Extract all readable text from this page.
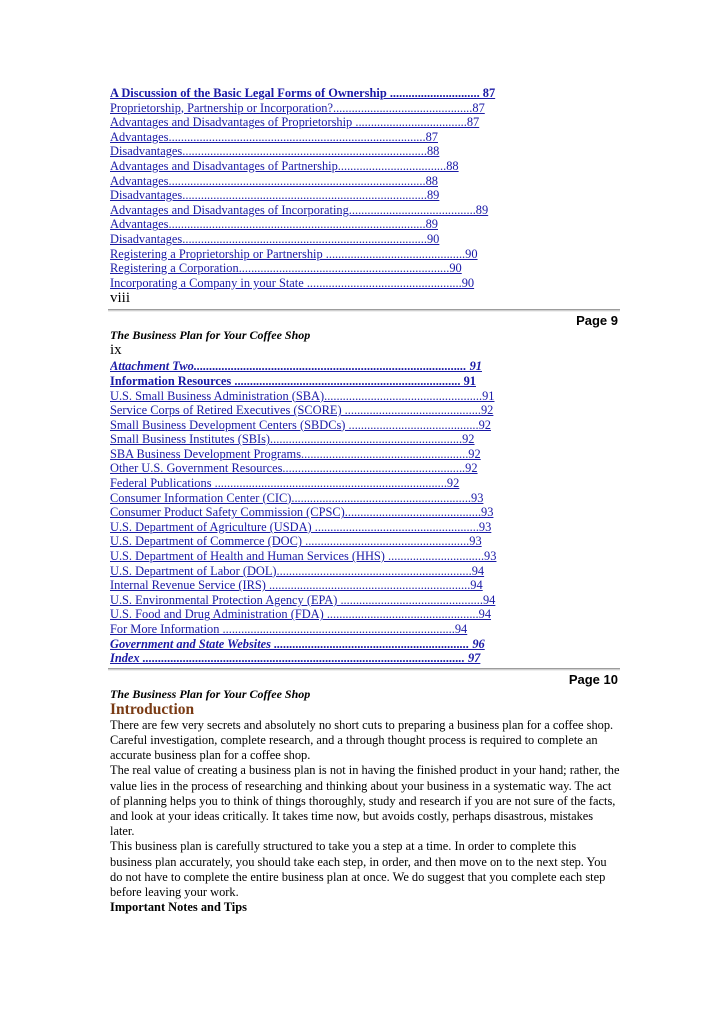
A Discussion of the Basic Legal Forms of Ownership ............................. 87
Proprietorship, Partnership or Incorporation?.............................................87
Advantages and Disadvantages of Proprietorship ....................................87
Advantages...................................................................................87
Disadvantages...............................................................................88
Advantages and Disadvantages of Partnership...................................88
Advantages...................................................................................88
Disadvantages...............................................................................89
Advantages and Disadvantages of Incorporating.........................................89
Advantages...................................................................................89
Disadvantages...............................................................................90
Registering a Proprietorship or Partnership .............................................90
Registering a Corporation....................................................................90
Incorporating a Company in your State ..................................................90
viii
Page 9
The Business Plan for Your Coffee Shop
ix
Attachment Two........................................................................................ 91
Information Resources ......................................................................... 91
U.S. Small Business Administration (SBA)...................................................91
Service Corps of Retired Executives (SCORE) ............................................92
Small Business Development Centers (SBDCs) ..........................................92
Small Business Institutes (SBIs)..............................................................92
SBA Business Development Programs......................................................92
Other U.S. Government Resources...........................................................92
Federal Publications ...........................................................................92
Consumer Information Center (CIC)..........................................................93
Consumer Product Safety Commission (CPSC)............................................93
U.S. Department of Agriculture (USDA) .....................................................93
U.S. Department of Commerce (DOC) .....................................................93
U.S. Department of Health and Human Services (HHS) ...............................93
U.S. Department of Labor (DOL)...............................................................94
Internal Revenue Service (IRS) .................................................................94
U.S. Environmental Protection Agency (EPA) ..............................................94
U.S. Food and Drug Administration (FDA) .................................................94
For More Information ...........................................................................94
Government and State Websites ............................................................... 96
Index ........................................................................................................ 97
Page 10
The Business Plan for Your Coffee Shop
Introduction

There are few very secrets and absolutely no short cuts to preparing a business plan for a coffee shop. Careful investigation, complete research, and a through thought process is required to complete an accurate business plan for a coffee shop.

The real value of creating a business plan is not in having the finished product in your hand; rather, the value lies in the process of researching and thinking about your business in a systematic way. The act of planning helps you to think of things thoroughly, study and research if you are not sure of the facts, and look at your ideas critically. It takes time now, but avoids costly, perhaps disastrous, mistakes later.

This business plan is carefully structured to take you a step at a time. In order to complete this business plan accurately, you should take each step, in order, and then move on to the next step. You do not have to complete the entire business plan at once. We do suggest that you complete each step before leaving your work.

Important Notes and Tips
